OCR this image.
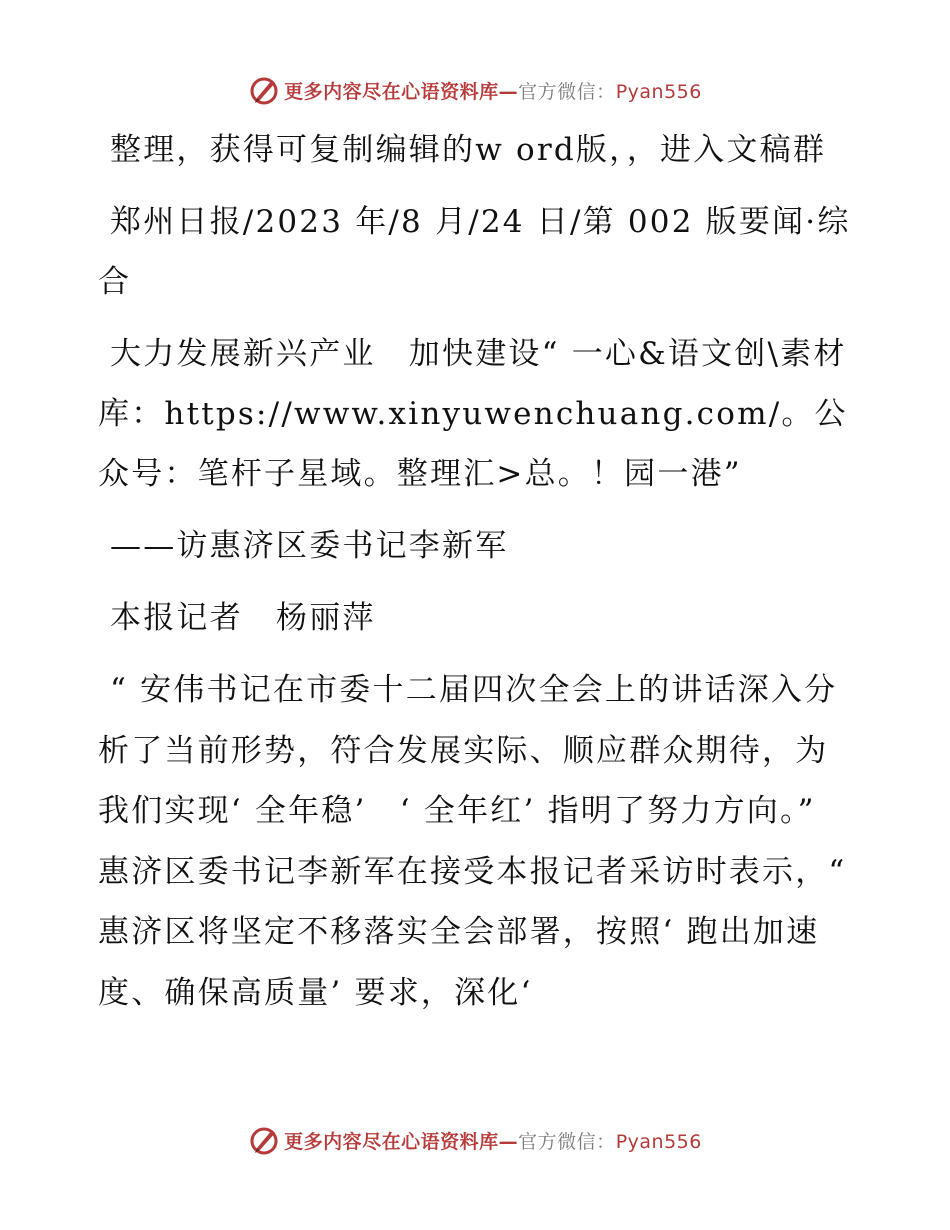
更多内容尽在心语资料库—官方微信：Pyan556

整理，获得可复制编辑的w ord版，，进入文稿群

郑州日报/2023 年/8 月/24 日/第 002 版要闻·综合

大力发展新兴产业　加快建设“ 一心&语文创\素材库：https://www.xinyuwenchuang.com/。公众号：笔杆子星域。整理汇>总。！园一港”

——访惠济区委书记李新军

本报记者　杨丽萍

“ 安伟书记在市委十二届四次全会上的讲话深入分析了当前形势，符合发展实际、顺应群众期待，为我们实现‘ 全年稳’　‘ 全年红’ 指明了努力方向。” 惠济区委书记李新军在接受本报记者采访时表示，“ 惠济区将坚定不移落实全会部署，按照‘ 跑出加速度、确保高质量’ 要求，深化‘

更多内容尽在心语资料库—官方微信：Pyan556
